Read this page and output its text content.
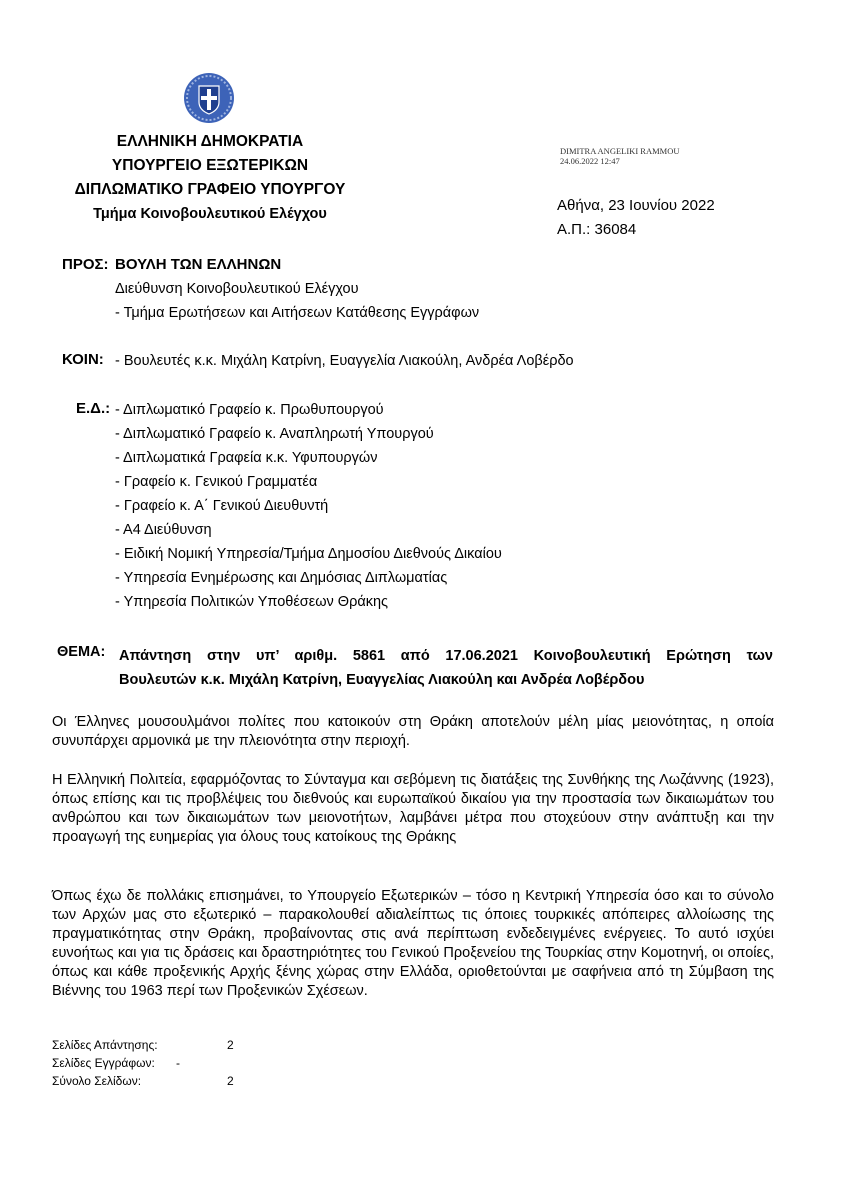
ΕΛΛΗΝΙΚΗ ΔΗΜΟΚΡΑΤΙΑ
ΥΠΟΥΡΓΕΙΟ ΕΞΩΤΕΡΙΚΩΝ
ΔΙΠΛΩΜΑΤΙΚΟ ΓΡΑΦΕΙΟ ΥΠΟΥΡΓΟΥ
Τμήμα Κοινοβουλευτικού Ελέγχου
DIMITRA ANGELIKI RAMMOU
24.06.2022 12:47
Αθήνα, 23 Ιουνίου 2022
Α.Π.: 36084
ΠΡΟΣ: ΒΟΥΛΗ ΤΩΝ ΕΛΛΗΝΩΝ
Διεύθυνση Κοινοβουλευτικού Ελέγχου
- Τμήμα Ερωτήσεων και Αιτήσεων Κατάθεσης Εγγράφων
ΚΟΙΝ: - Βουλευτές κ.κ. Μιχάλη Κατρίνη, Ευαγγελία Λιακούλη, Ανδρέα Λοβέρδο
Ε.Δ.: - Διπλωματικό Γραφείο κ. Πρωθυπουργού
- Διπλωματικό Γραφείο κ. Αναπληρωτή Υπουργού
- Διπλωματικά Γραφεία κ.κ. Υφυπουργών
- Γραφείο κ. Γενικού Γραμματέα
- Γραφείο κ. Α΄ Γενικού Διευθυντή
- Α4 Διεύθυνση
- Ειδική Νομική Υπηρεσία/Τμήμα Δημοσίου Διεθνούς Δικαίου
- Υπηρεσία Ενημέρωσης και Δημόσιας Διπλωματίας
- Υπηρεσία Πολιτικών Υποθέσεων Θράκης
ΘΕΜΑ: Απάντηση στην υπ’ αριθμ. 5861 από 17.06.2021 Κοινοβουλευτική Ερώτηση των
Βουλευτών κ.κ. Μιχάλη Κατρίνη, Ευαγγελίας Λιακούλη και Ανδρέα Λοβέρδου
Οι Έλληνες μουσουλμάνοι πολίτες που κατοικούν στη Θράκη αποτελούν μέλη μίας μειονότητας, η οποία συνυπάρχει αρμονικά με την πλειονότητα στην περιοχή.
Η Ελληνική Πολιτεία, εφαρμόζοντας το Σύνταγμα και σεβόμενη τις διατάξεις της Συνθήκης της Λωζάννης (1923), όπως επίσης και τις προβλέψεις του διεθνούς και ευρωπαϊκού δικαίου για την προστασία των δικαιωμάτων του ανθρώπου και των δικαιωμάτων των μειονοτήτων, λαμβάνει μέτρα που στοχεύουν στην ανάπτυξη και την προαγωγή της ευημερίας για όλους τους κατοίκους της Θράκης
Όπως έχω δε πολλάκις επισημάνει, το Υπουργείο Εξωτερικών – τόσο η Κεντρική Υπηρεσία όσο και το σύνολο των Αρχών μας στο εξωτερικό – παρακολουθεί αδιαλείπτως τις όποιες τουρκικές απόπειρες αλλοίωσης της πραγματικότητας στην Θράκη, προβαίνοντας στις ανά περίπτωση ενδεδειγμένες ενέργειες. Το αυτό ισχύει ευνοήτως και για τις δράσεις και δραστηριότητες του Γενικού Προξενείου της Τουρκίας στην Κομοτηνή, οι οποίες, όπως και κάθε προξενικής Αρχής ξένης χώρας στην Ελλάδα, οριοθετούνται με σαφήνεια από τη Σύμβαση της Βιέννης του 1963 περί των Προξενικών Σχέσεων.
Σελίδες Απάντησης:	2
Σελίδες Εγγράφων: -
Σύνολο Σελίδων:	2
